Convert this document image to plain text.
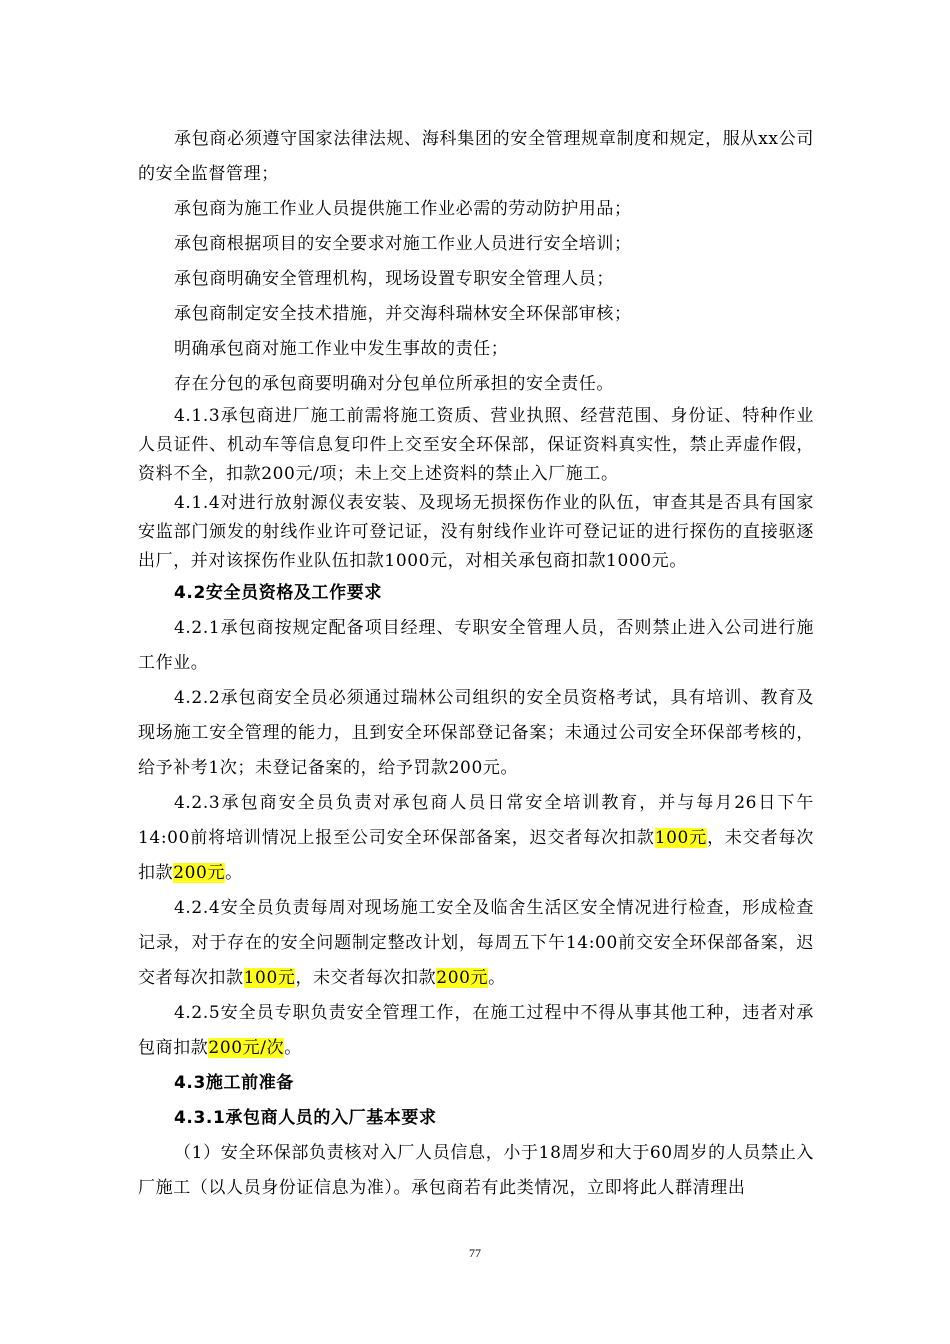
承包商必须遵守国家法律法规、海科集团的安全管理规章制度和规定，服从xx公司的安全监督管理；

承包商为施工作业人员提供施工作业必需的劳动防护用品；

承包商根据项目的安全要求对施工作业人员进行安全培训；

承包商明确安全管理机构，现场设置专职安全管理人员；

承包商制定安全技术措施，并交海科瑞林安全环保部审核；

明确承包商对施工作业中发生事故的责任；

存在分包的承包商要明确对分包单位所承担的安全责任。

4.1.3承包商进厂施工前需将施工资质、营业执照、经营范围、身份证、特种作业人员证件、机动车等信息复印件上交至安全环保部，保证资料真实性，禁止弄虚作假，资料不全，扣款200元/项；未上交上述资料的禁止入厂施工。

4.1.4对进行放射源仪表安装、及现场无损探伤作业的队伍，审查其是否具有国家安监部门颁发的射线作业许可登记证，没有射线作业许可登记证的进行探伤的直接驱逐出厂，并对该探伤作业队伍扣款1000元，对相关承包商扣款1000元。

4.2安全员资格及工作要求

4.2.1承包商按规定配备项目经理、专职安全管理人员，否则禁止进入公司进行施工作业。

4.2.2承包商安全员必须通过瑞林公司组织的安全员资格考试，具有培训、教育及现场施工安全管理的能力，且到安全环保部登记备案；未通过公司安全环保部考核的，给予补考1次；未登记备案的，给予罚款200元。

4.2.3承包商安全员负责对承包商人员日常安全培训教育，并与每月26日下午14:00前将培训情况上报至公司安全环保部备案，迟交者每次扣款100元，未交者每次扣款200元。

4.2.4安全员负责每周对现场施工安全及临舍生活区安全情况进行检查，形成检查记录，对于存在的安全问题制定整改计划，每周五下午14:00前交安全环保部备案，迟交者每次扣款100元，未交者每次扣款200元。

4.2.5安全员专职负责安全管理工作，在施工过程中不得从事其他工种，违者对承包商扣款200元/次。

4.3施工前准备

4.3.1承包商人员的入厂基本要求

（1）安全环保部负责核对入厂人员信息，小于18周岁和大于60周岁的人员禁止入厂施工（以人员身份证信息为准）。承包商若有此类情况，立即将此人群清理出

77
